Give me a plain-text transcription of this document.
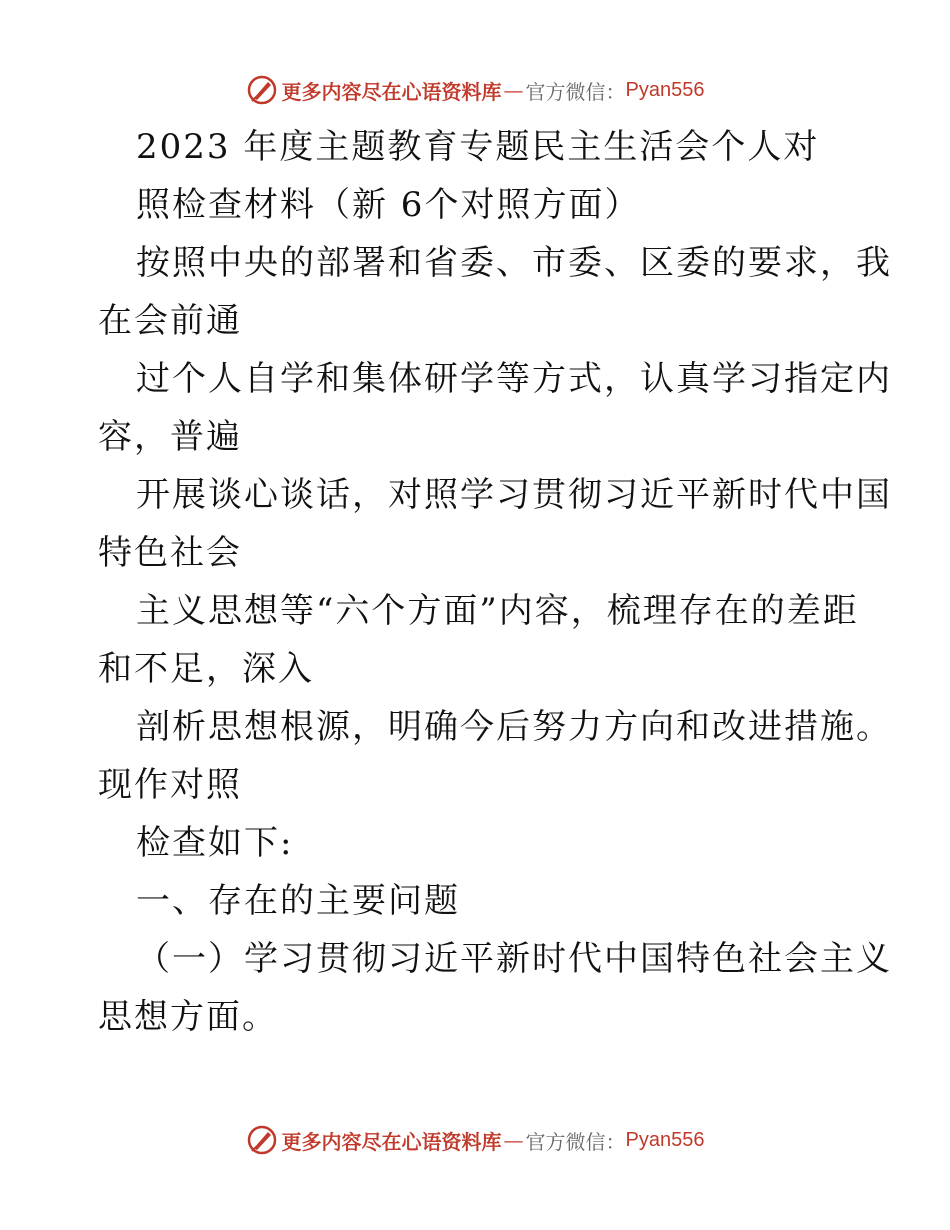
更多内容尽在心语资料库 — 官方微信： Pyan556
2023 年度主题教育专题民主生活会个人对
照检查材料（新 6个对照方面）
按照中央的部署和省委、市委、区委的要求，我
在会前通
过个人自学和集体研学等方式，认真学习指定内
容，普遍
开展谈心谈话，对照学习贯彻习近平新时代中国
特色社会
主义思想等“六个方面”内容，梳理存在的差距
和不足，深入
剖析思想根源，明确今后努力方向和改进措施。
现作对照
检查如下:
一、存在的主要问题
（一）学习贯彻习近平新时代中国特色社会主义
思想方面。
更多内容尽在心语资料库 — 官方微信： Pyan556
